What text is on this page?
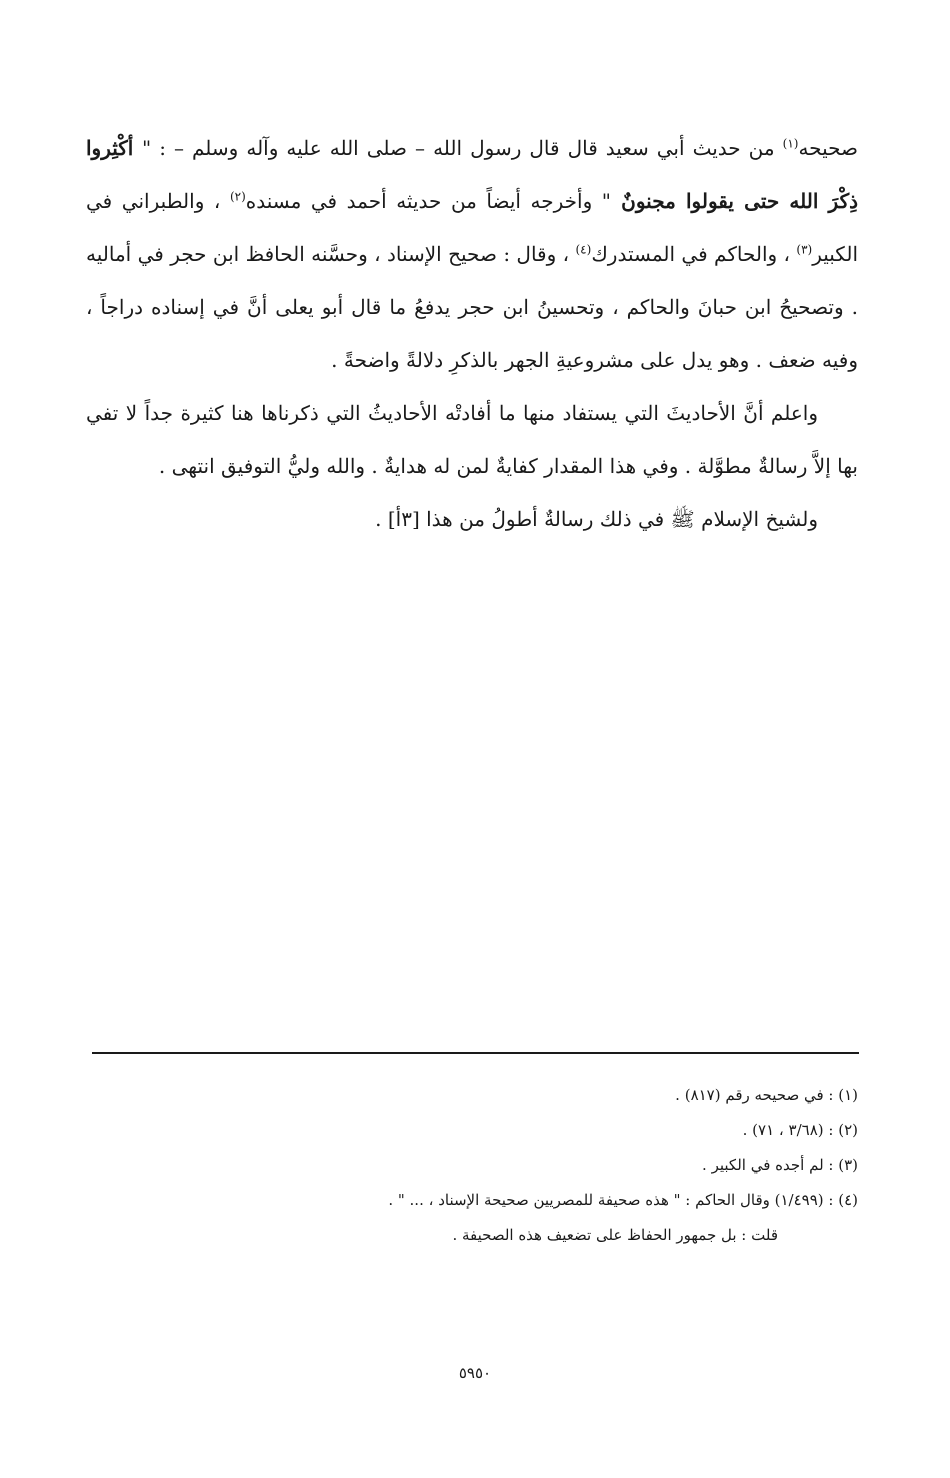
صحيحه$^{(١)}$ من حديث أبي سعيد قال قال رسول الله – صلى الله عليه وآله وسلم – : " أكْثِروا ذِكْرَ الله حتى يقولوا مجنونٌ " وأخرجه أيضاً من حديثه أحمد في مسنده$^{(٢)}$ ، والطبراني في الكبير$^{(٣)}$ ، والحاكم في المستدرك$^{(٤)}$ ، وقال : صحيح الإسناد ، وحسَّنه الحافظ ابن حجر في أماليه . وتصحيحُ ابن حبانَ والحاكم ، وتحسينُ ابن حجر يدفعُ ما قال أبو يعلى أنَّ في إسناده دراجاً ، وفيه ضعف . وهو يدل على مشروعيةِ الجهر بالذكرِ دلالةً واضحةً .

واعلم أنَّ الأحاديثَ التي يستفاد منها ما أفادتْه الأحاديثُ التي ذكرناها هنا كثيرة جداً لا تفي بها إلاَّ رسالةٌ مطوَّلة . وفي هذا المقدار كفايةٌ لمن له هدايةٌ . والله وليُّ التوفيق انتهى .

ولشيخ الإسلام ﷺ في ذلك رسالةٌ أطولُ من هذا [٣أ] .

(١) : في صحيحه رقم (٨١٧) .

(٢) : (٣/٦٨ ، ٧١) .

(٣) : لم أجده في الكبير .

(٤) : (١/٤٩٩) وقال الحاكم : " هذه صحيفة للمصريين صحيحة الإسناد ، ... " .

قلت : بل جمهور الحفاظ على تضعيف هذه الصحيفة .

٥٩٥٠
